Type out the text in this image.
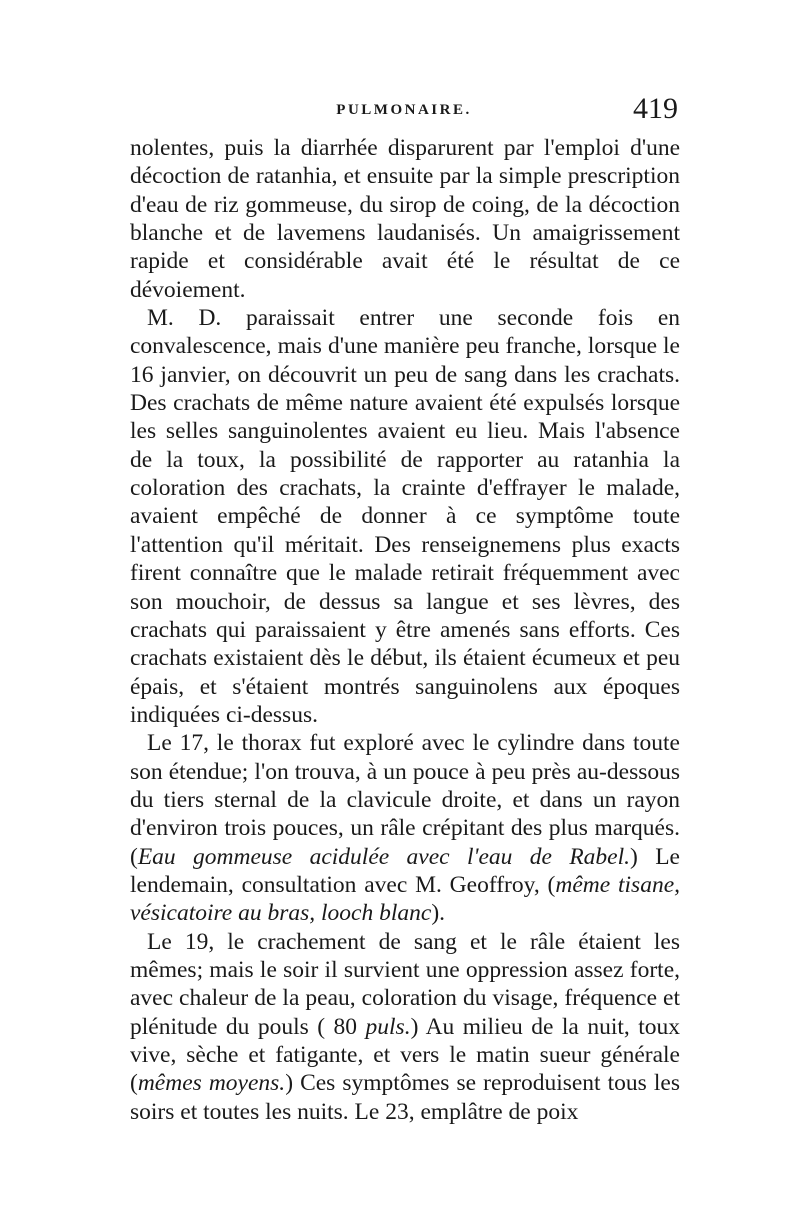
PULMONAIRE.	419

nolentes, puis la diarrhée disparurent par l'emploi d'une décoction de ratanhia, et ensuite par la simple prescription d'eau de riz gommeuse, du sirop de coing, de la décoction blanche et de lavemens laudanisés. Un amaigrissement rapide et considérable avait été le résultat de ce dévoiement.

M. D. paraissait entrer une seconde fois en convalescence, mais d'une manière peu franche, lorsque le 16 janvier, on découvrit un peu de sang dans les crachats. Des crachats de même nature avaient été expulsés lorsque les selles sanguinolentes avaient eu lieu. Mais l'absence de la toux, la possibilité de rapporter au ratanhia la coloration des crachats, la crainte d'effrayer le malade, avaient empêché de donner à ce symptôme toute l'attention qu'il méritait. Des renseignemens plus exacts firent connaître que le malade retirait fréquemment avec son mouchoir, de dessus sa langue et ses lèvres, des crachats qui paraissaient y être amenés sans efforts. Ces crachats existaient dès le début, ils étaient écumeux et peu épais, et s'étaient montrés sanguinolens aux époques indiquées ci-dessus.

Le 17, le thorax fut exploré avec le cylindre dans toute son étendue; l'on trouva, à un pouce à peu près au-dessous du tiers sternal de la clavicule droite, et dans un rayon d'environ trois pouces, un râle crépitant des plus marqués. (Eau gommeuse acidulée avec l'eau de Rabel.) Le lendemain, consultation avec M. Geoffroy, (même tisane, vésicatoire au bras, looch blanc).

Le 19, le crachement de sang et le râle étaient les mêmes; mais le soir il survient une oppression assez forte, avec chaleur de la peau, coloration du visage, fréquence et plénitude du pouls ( 80 puls.) Au milieu de la nuit, toux vive, sèche et fatigante, et vers le matin sueur générale (mêmes moyens.) Ces symptômes se reproduisent tous les soirs et toutes les nuits. Le 23, emplâtre de poix
